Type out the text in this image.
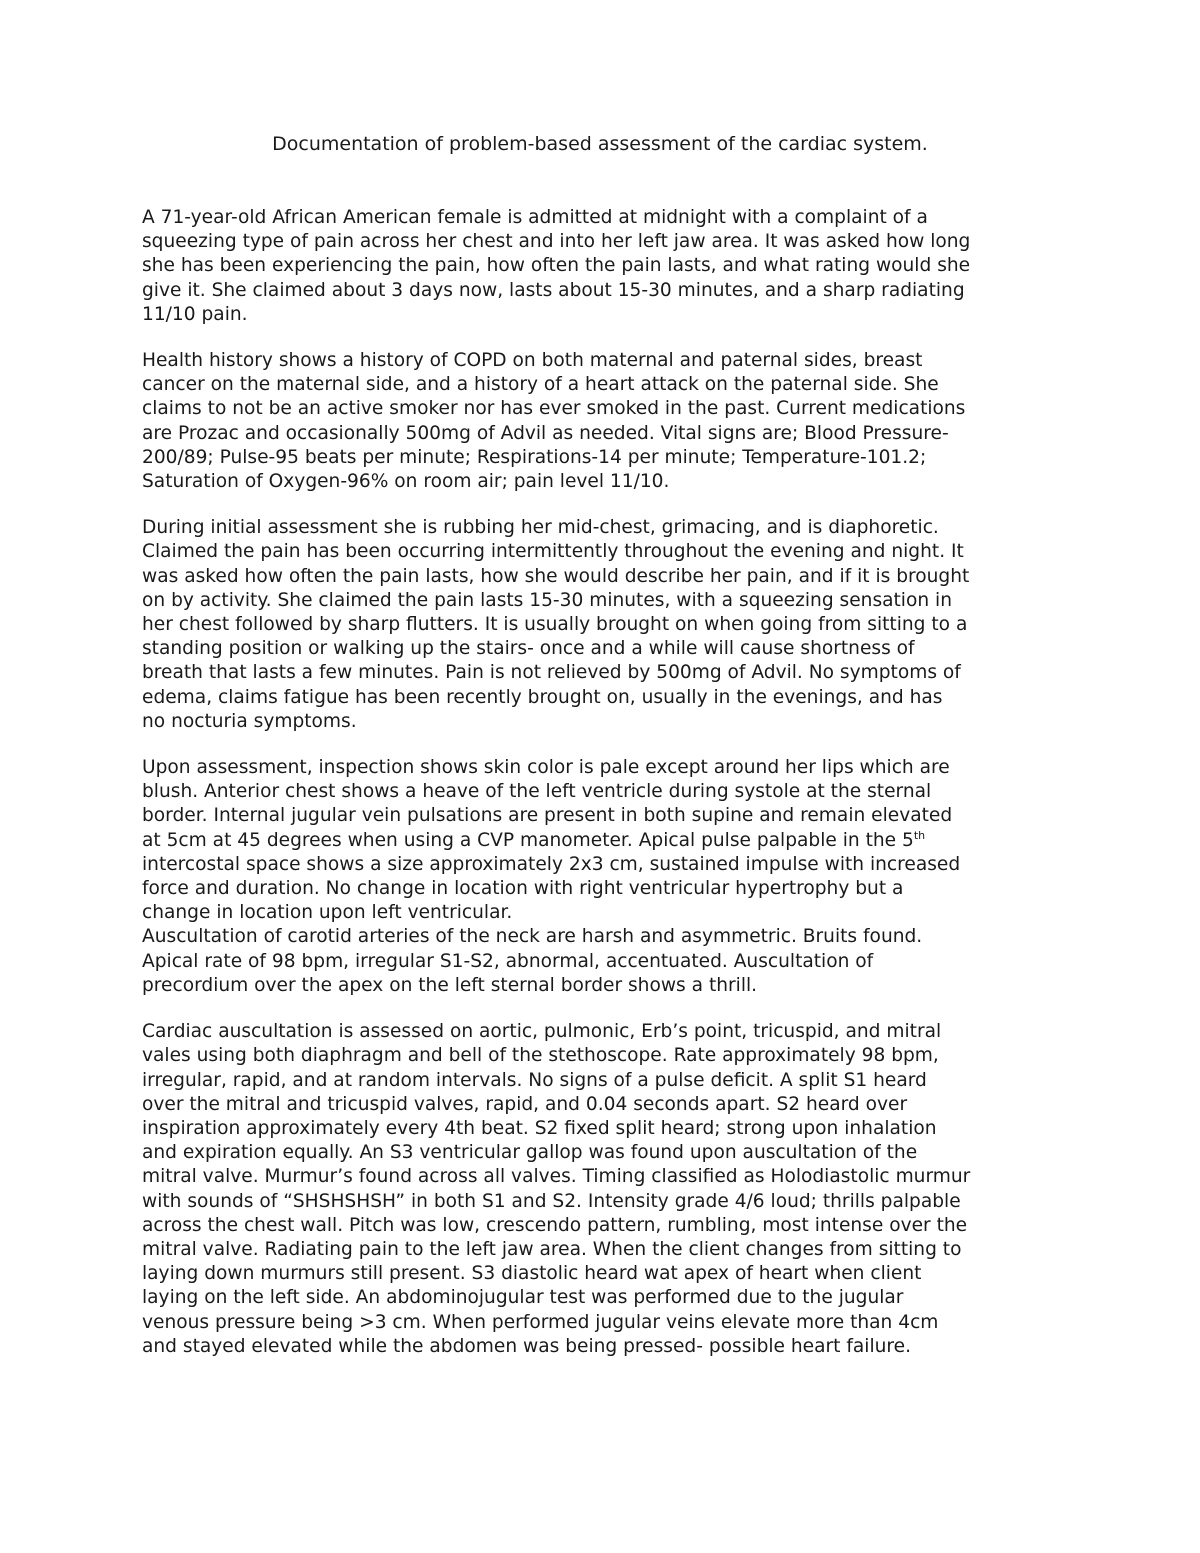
Documentation of problem-based assessment of the cardiac system.
A 71-year-old African American female is admitted at midnight with a complaint of a
squeezing type of pain across her chest and into her left jaw area. It was asked how long
she has been experiencing the pain, how often the pain lasts, and what rating would she
give it. She claimed about 3 days now, lasts about 15-30 minutes, and a sharp radiating
11/10 pain.
Health history shows a history of COPD on both maternal and paternal sides, breast
cancer on the maternal side, and a history of a heart attack on the paternal side. She
claims to not be an active smoker nor has ever smoked in the past. Current medications
are Prozac and occasionally 500mg of Advil as needed. Vital signs are; Blood Pressure-
200/89; Pulse-95 beats per minute; Respirations-14 per minute; Temperature-101.2;
Saturation of Oxygen-96% on room air; pain level 11/10.
During initial assessment she is rubbing her mid-chest, grimacing, and is diaphoretic.
Claimed the pain has been occurring intermittently throughout the evening and night. It
was asked how often the pain lasts, how she would describe her pain, and if it is brought
on by activity. She claimed the pain lasts 15-30 minutes, with a squeezing sensation in
her chest followed by sharp flutters. It is usually brought on when going from sitting to a
standing position or walking up the stairs- once and a while will cause shortness of
breath that lasts a few minutes. Pain is not relieved by 500mg of Advil. No symptoms of
edema, claims fatigue has been recently brought on, usually in the evenings, and has
no nocturia symptoms.
Upon assessment, inspection shows skin color is pale except around her lips which are
blush. Anterior chest shows a heave of the left ventricle during systole at the sternal
border. Internal jugular vein pulsations are present in both supine and remain elevated
at 5cm at 45 degrees when using a CVP manometer. Apical pulse palpable in the 5th
intercostal space shows a size approximately 2x3 cm, sustained impulse with increased
force and duration. No change in location with right ventricular hypertrophy but a
change in location upon left ventricular.
Auscultation of carotid arteries of the neck are harsh and asymmetric. Bruits found.
Apical rate of 98 bpm, irregular S1-S2, abnormal, accentuated. Auscultation of
precordium over the apex on the left sternal border shows a thrill.
Cardiac auscultation is assessed on aortic, pulmonic, Erb’s point, tricuspid, and mitral
vales using both diaphragm and bell of the stethoscope. Rate approximately 98 bpm,
irregular, rapid, and at random intervals. No signs of a pulse deficit. A split S1 heard
over the mitral and tricuspid valves, rapid, and 0.04 seconds apart. S2 heard over
inspiration approximately every 4th beat. S2 fixed split heard; strong upon inhalation
and expiration equally. An S3 ventricular gallop was found upon auscultation of the
mitral valve. Murmur’s found across all valves. Timing classified as Holodiastolic murmur
with sounds of “SHSHSHSH” in both S1 and S2. Intensity grade 4/6 loud; thrills palpable
across the chest wall. Pitch was low, crescendo pattern, rumbling, most intense over the
mitral valve. Radiating pain to the left jaw area. When the client changes from sitting to
laying down murmurs still present. S3 diastolic heard wat apex of heart when client
laying on the left side. An abdominojugular test was performed due to the jugular
venous pressure being >3 cm. When performed jugular veins elevate more than 4cm
and stayed elevated while the abdomen was being pressed- possible heart failure.
